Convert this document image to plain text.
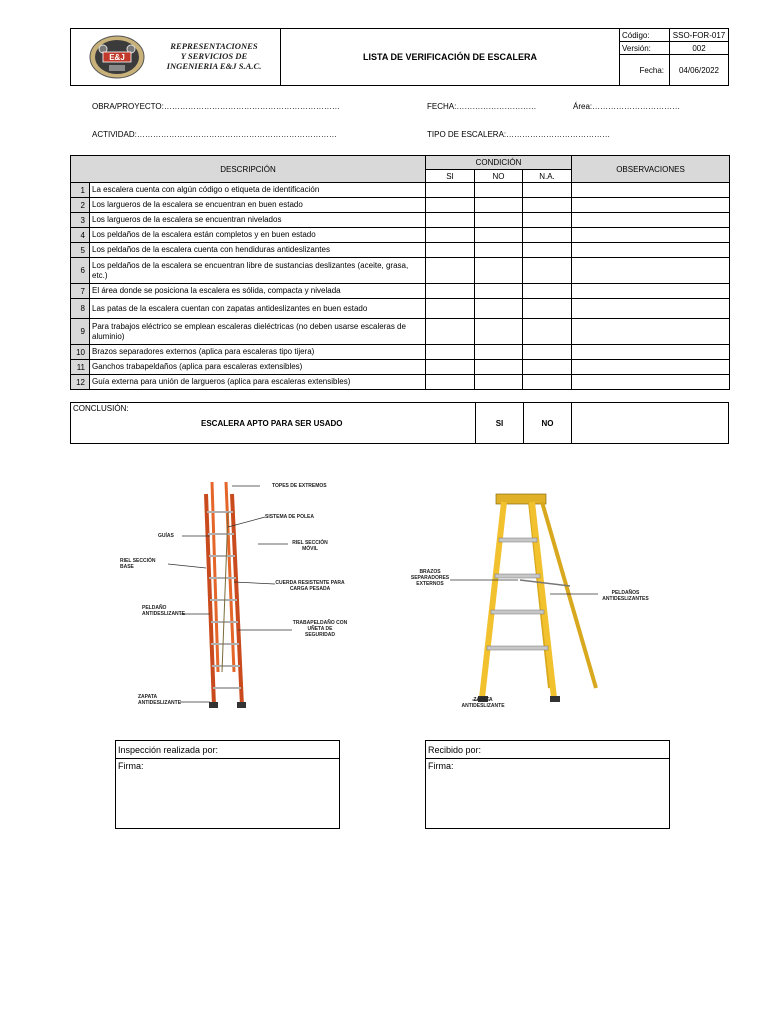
E&J
REPRESENTACIONES
Y SERVICIOS DE
INGENIERIA E&J S.A.C.
LISTA DE VERIFICACIÓN DE ESCALERA
Código:	SSO-FOR-017
Versión:	002
Fecha:	04/06/2022
OBRA/PROYECTO:…………………………………………………………	FECHA:…………………………	Área:……………………………
ACTIVIDAD:…………………………………………………………………	TIPO DE ESCALERA:…………………………………
DESCRIPCIÓN		CONDICIÓN			OBSERVACIONES
		SI	NO	N.A.	
1	La escalera cuenta con algún código o etiqueta de identificación				
2	Los largueros de la escalera se encuentran en buen estado				
3	Los largueros de la escalera se encuentran nivelados				
4	Los peldaños de la escalera están completos y en buen estado				
5	Los peldaños de la escalera cuenta con hendiduras antideslizantes				
6	Los peldaños de la escalera se encuentran libre de sustancias deslizantes (aceite, grasa, etc.)				
7	El área donde se posiciona la escalera es sólida, compacta y nivelada				
8	Las patas de la escalera cuentan con zapatas antideslizantes en buen estado				
9	Para trabajos eléctrico se emplean escaleras dieléctricas (no deben usarse escaleras de aluminio)				
10	Brazos separadores externos (aplica para escaleras tipo tijera)				
11	Ganchos trabapeldaños (aplica para escaleras extensibles)				
12	Guía externa para unión de largueros (aplica para escaleras extensibles)				
CONCLUSIÓN:
ESCALERA APTO PARA SER USADO	SI	NO
TOPES DE EXTREMOS
SISTEMA DE POLEA
GUÍAS
RIEL SECCIÓN MÓVIL
RIEL SECCIÓN BASE
CUERDA RESISTENTE PARA CARGA PESADA
PELDAÑO ANTIDESLIZANTE
TRABAPELDAÑO CON UÑETA DE SEGURIDAD
ZAPATA ANTIDESLIZANTE
BRAZOS SEPARADORES EXTERNOS
PELDAÑOS ANTIDESLIZANTES
ZAPATA ANTIDESLIZANTE
Inspección realizada por:
Firma:
Recibido por:
Firma:
